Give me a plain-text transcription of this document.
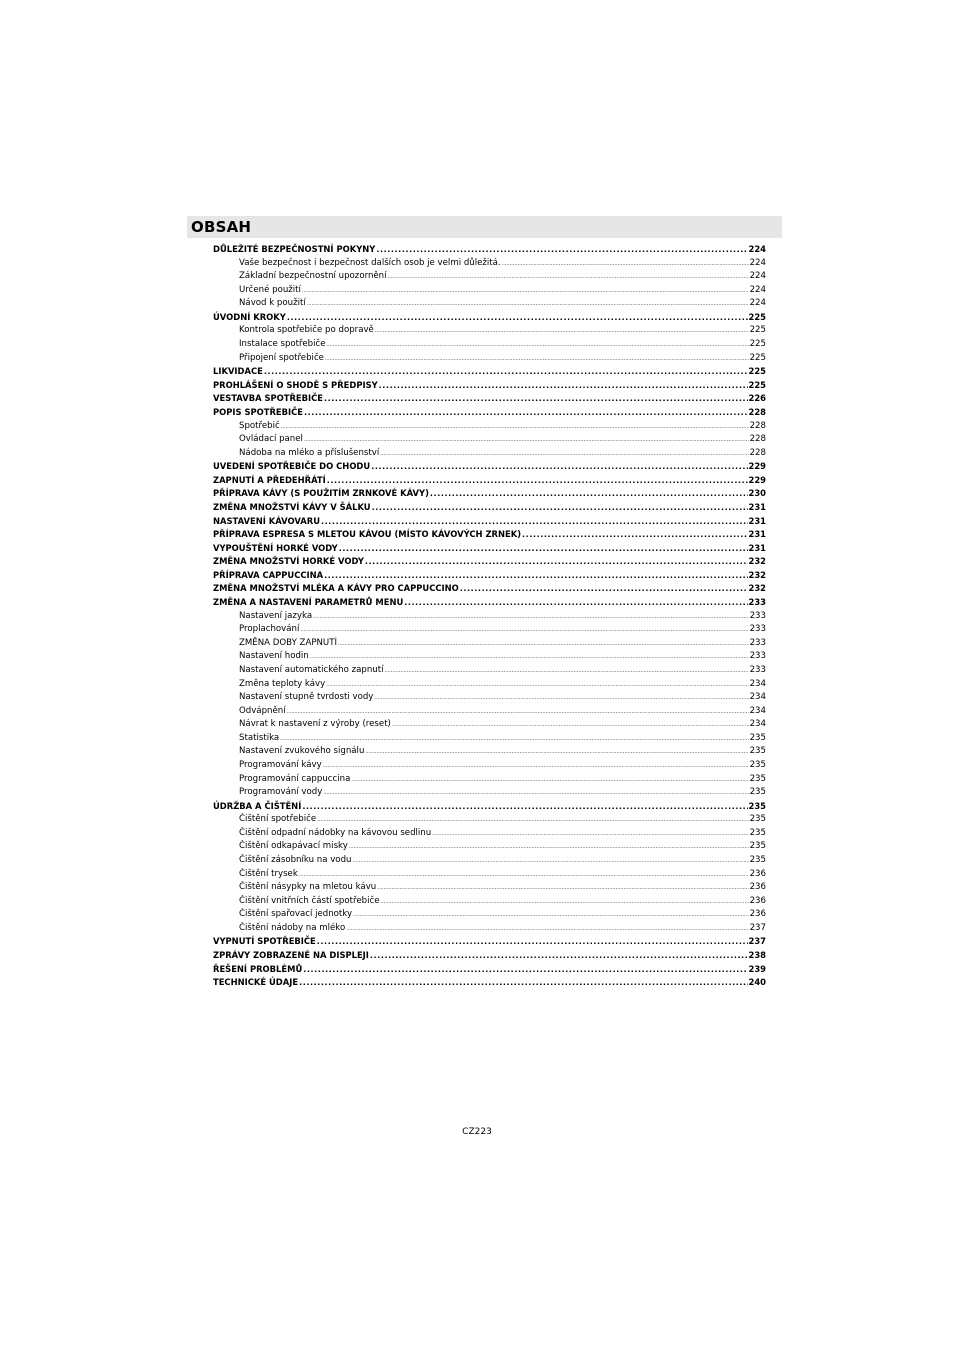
OBSAH
DŮLEŽITÉ BEZPEČNOSTNÍ POKYNY .....	224
Vaše bezpečnost i bezpečnost dalších osob je velmi důležitá. .....	224
Základní bezpečnostní upozornění .....	224
Určené použití .....	224
Návod k použití .....	224
ÚVODNÍ KROKY .....	225
Kontrola spotřebiče po dopravě .....	225
Instalace spotřebiče .....	225
Připojení spotřebiče .....	225
LIKVIDACE .....	225
PROHLÁŠENÍ O SHODĚ S PŘEDPISY .....	225
VESTAVBA SPOTŘEBIČE .....	226
POPIS SPOTŘEBIČE .....	228
Spotřebič .....	228
Ovládací panel .....	228
Nádoba na mléko a příslušenství .....	228
UVEDENÍ SPOTŘEBIČE DO CHODU .....	229
ZAPNUTÍ A PŘEDEHŘÁTÍ .....	229
PŘÍPRAVA KÁVY (S POUŽITÍM ZRNKOVÉ KÁVY) .....	230
ZMĚNA MNOŽSTVÍ KÁVY V ŠÁLKU .....	231
NASTAVENÍ KÁVOVARU .....	231
PŘÍPRAVA ESPRESA S MLETOU KÁVOU (MÍSTO KÁVOVÝCH ZRNEK) .....	231
VYPOUŠTĚNÍ HORKÉ VODY .....	231
ZMĚNA MNOŽSTVÍ HORKÉ VODY .....	232
PŘÍPRAVA CAPPUCCINA .....	232
ZMĚNA MNOŽSTVÍ MLÉKA A KÁVY PRO CAPPUCCINO .....	232
ZMĚNA A NASTAVENÍ PARAMETRŮ MENU .....	233
Nastavení jazyka .....	233
Proplachování .....	233
ZMĚNA DOBY ZAPNUTÍ .....	233
Nastavení hodin .....	233
Nastavení automatického zapnutí .....	233
Změna teploty kávy .....	234
Nastavení stupně tvrdosti vody .....	234
Odvápnění .....	234
Návrat k nastavení z výroby (reset) .....	234
Statistika .....	235
Nastavení zvukového signálu .....	235
Programování kávy .....	235
Programování cappuccina .....	235
Programování vody .....	235
ÚDRŽBA A ČIŠTĚNÍ .....	235
Čištění spotřebiče .....	235
Čištění odpadní nádobky na kávovou sedlinu .....	235
Čištění odkapávací misky .....	235
Čištění zásobníku na vodu .....	235
Čištění trysek .....	236
Čištění násypky na mletou kávu .....	236
Čištění vnitřních částí spotřebiče .....	236
Čištění spařovací jednotky .....	236
Čištění nádoby na mléko .....	237
VYPNUTÍ SPOTŘEBIČE .....	237
ZPRÁVY ZOBRAZENÉ NA DISPLEJI .....	238
ŘEŠENÍ PROBLÉMŮ .....	239
TECHNICKÉ ÚDAJE .....	240
CZ223
